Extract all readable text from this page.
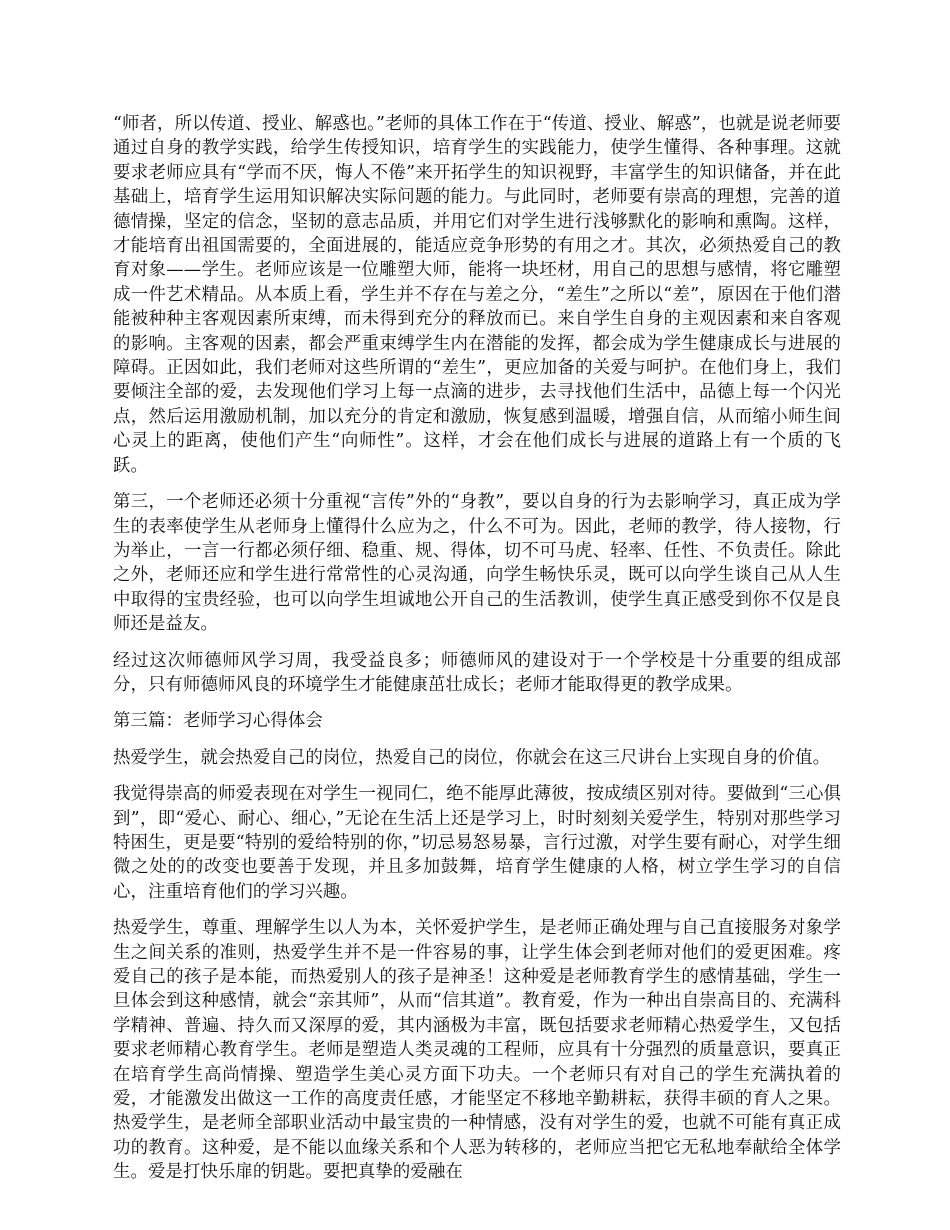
“师者，所以传道、授业、解惑也。”老师的具体工作在于“传道、授业、解惑”，也就是说老师要通过自身的教学实践，给学生传授知识，培育学生的实践能力，使学生懂得、各种事理。这就要求老师应具有“学而不厌，悔人不倦”来开拓学生的知识视野，丰富学生的知识储备，并在此基础上，培育学生运用知识解决实际问题的能力。与此同时，老师要有崇高的理想，完善的道德情操，坚定的信念，坚韧的意志品质，并用它们对学生进行浅够默化的影响和熏陶。这样，才能培育出祖国需要的，全面进展的，能适应竞争形势的有用之才。其次，必须热爱自己的教育对象——学生。老师应该是一位雕塑大师，能将一块坯材，用自己的思想与感情，将它雕塑成一件艺术精品。从本质上看，学生并不存在与差之分，“差生”之所以“差”，原因在于他们潜能被种种主客观因素所束缚，而未得到充分的释放而已。来自学生自身的主观因素和来自客观的影响。主客观的因素，都会严重束缚学生内在潜能的发挥，都会成为学生健康成长与进展的障碍。正因如此，我们老师对这些所谓的“差生”，更应加备的关爱与呵护。在他们身上，我们要倾注全部的爱，去发现他们学习上每一点滴的进步，去寻找他们生活中，品德上每一个闪光点，然后运用激励机制，加以充分的肯定和激励，恢复感到温暖，增强自信，从而缩小师生间心灵上的距离，使他们产生“向师性”。这样，才会在他们成长与进展的道路上有一个质的飞跃。

第三，一个老师还必须十分重视“言传”外的“身教”，要以自身的行为去影响学习，真正成为学生的表率使学生从老师身上懂得什么应为之，什么不可为。因此，老师的教学，待人接物，行为举止，一言一行都必须仔细、稳重、规、得体，切不可马虎、轻率、任性、不负责任。除此之外，老师还应和学生进行常常性的心灵沟通，向学生畅快乐灵，既可以向学生谈自己从人生中取得的宝贵经验，也可以向学生坦诚地公开自己的生活教训，使学生真正感受到你不仅是良师还是益友。

经过这次师德师风学习周，我受益良多；师德师风的建设对于一个学校是十分重要的组成部分，只有师德师风良的环境学生才能健康茁壮成长；老师才能取得更的教学成果。

第三篇：老师学习心得体会

热爱学生，就会热爱自己的岗位，热爱自己的岗位，你就会在这三尺讲台上实现自身的价值。

我觉得崇高的师爱表现在对学生一视同仁，绝不能厚此薄彼，按成绩区别对待。要做到“三心俱到”，即“爱心、耐心、细心，”无论在生活上还是学习上，时时刻刻关爱学生，特别对那些学习特困生，更是要“特别的爱给特别的你，”切忌易怒易暴，言行过激，对学生要有耐心，对学生细微之处的的改变也要善于发现，并且多加鼓舞，培育学生健康的人格，树立学生学习的自信心，注重培育他们的学习兴趣。

热爱学生，尊重、理解学生以人为本，关怀爱护学生，是老师正确处理与自己直接服务对象学生之间关系的准则，热爱学生并不是一件容易的事，让学生体会到老师对他们的爱更困难。疼爱自己的孩子是本能，而热爱别人的孩子是神圣！这种爱是老师教育学生的感情基础，学生一旦体会到这种感情，就会“亲其师”，从而“信其道”。教育爱，作为一种出自崇高目的、充满科学精神、普遍、持久而又深厚的爱，其内涵极为丰富，既包括要求老师精心热爱学生，又包括要求老师精心教育学生。老师是塑造人类灵魂的工程师，应具有十分强烈的质量意识，要真正在培育学生高尚情操、塑造学生美心灵方面下功夫。一个老师只有对自己的学生充满执着的爱，才能激发出做这一工作的高度责任感，才能坚定不移地辛勤耕耘，获得丰硕的育人之果。热爱学生，是老师全部职业活动中最宝贵的一种情感，没有对学生的爱，也就不可能有真正成功的教育。这种爱，是不能以血缘关系和个人恶为转移的，老师应当把它无私地奉献给全体学生。爱是打快乐扉的钥匙。要把真挚的爱融在
